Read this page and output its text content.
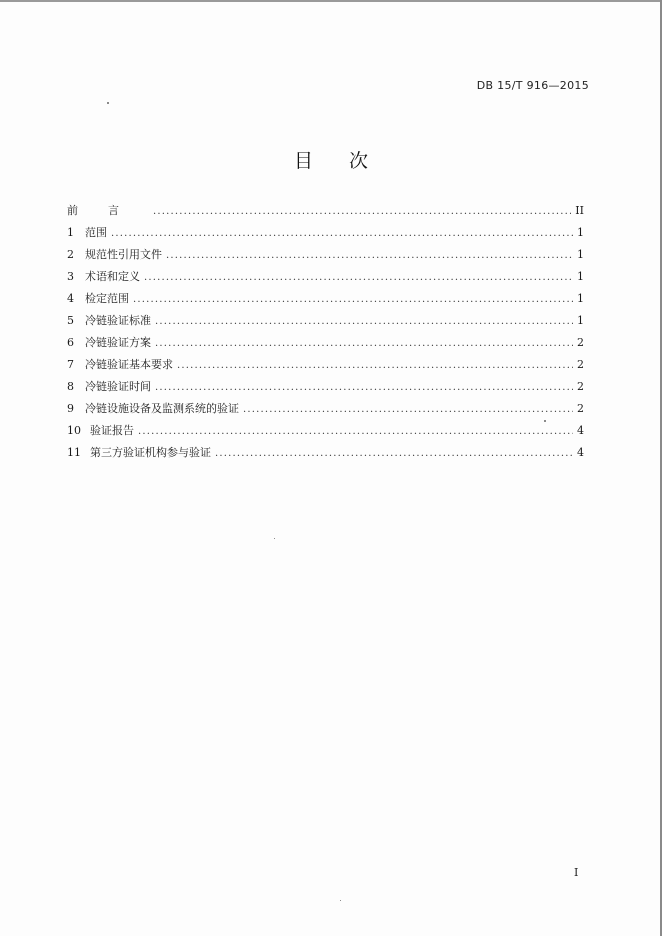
DB 15/T 916—2015
目次
前言 .....	II
1	范围 .....	1
2	规范性引用文件 .....	1
3	术语和定义 .....	1
4	检定范围 .....	1
5	冷链验证标准 .....	1
6	冷链验证方案 .....	2
7	冷链验证基本要求 .....	2
8	冷链验证时间 .....	2
9	冷链设施设备及监测系统的验证 .....	2
10 验证报告 .....	4
11 第三方验证机构参与验证 .....	4
I
